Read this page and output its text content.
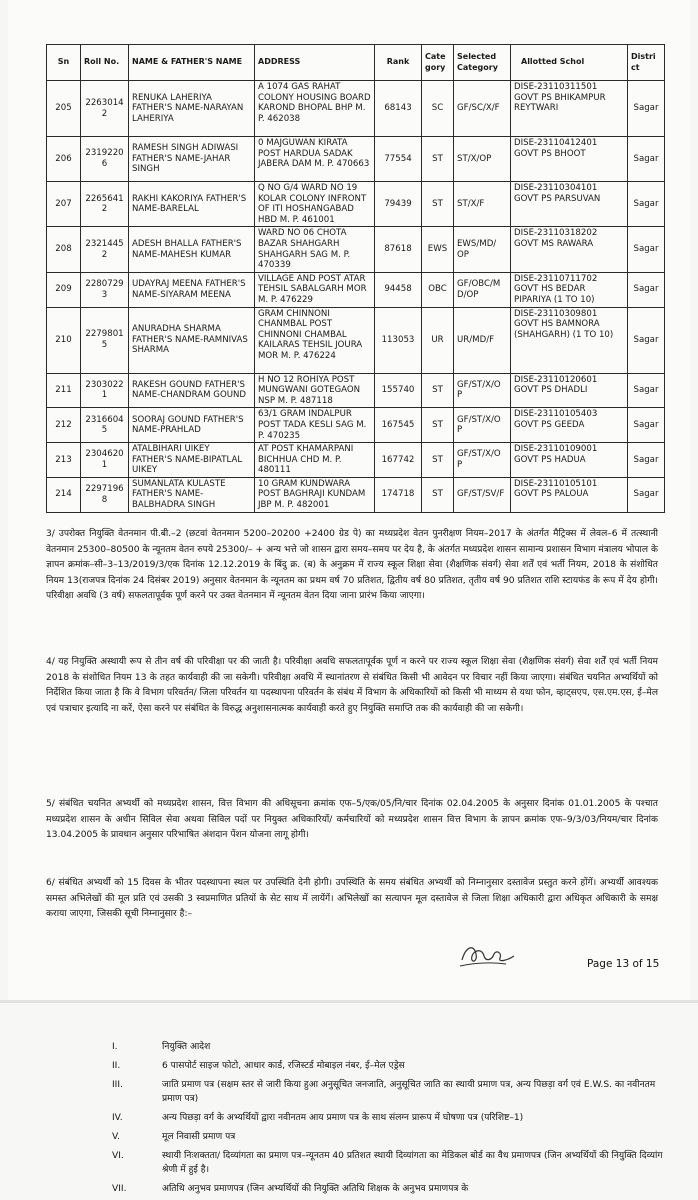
Sn	Roll No.	NAME & FATHER'S NAME	ADDRESS	Rank	Cate gory	Selected Category	Allotted Schol	Distri ct
205	22630142	RENUKA LAHERIYA FATHER'S NAME-NARAYAN LAHERIYA	A 1074 GAS RAHAT COLONY HOUSING BOARD KAROND BHOPAL BHP M. P. 462038	68143	SC	GF/SC/X/F	DISE-23110311501 GOVT PS BHIKAMPUR REYTWARI	Sagar
206	23192206	RAMESH SINGH ADIWASI FATHER'S NAME-JAHAR SINGH	0 MAJGUWAN KIRATA POST HARDUA SADAK JABERA DAM M. P. 470663	77554	ST	ST/X/OP	DISE-23110412401 GOVT PS BHOOT	Sagar
207	22656412	RAKHI KAKORIYA FATHER'S NAME-BARELAL	Q NO G/4 WARD NO 19 KOLAR COLONY INFRONT OF ITI HOSHANGABAD HBD M. P. 461001	79439	ST	ST/X/F	DISE-23110304101 GOVT PS PARSUVAN	Sagar
208	23214452	ADESH BHALLA FATHER'S NAME-MAHESH KUMAR	WARD NO 06 CHOTA BAZAR SHAHGARH SHAHGARH SAG M. P. 470339	87618	EWS	EWS/MD/ OP	DISE-23110318202 GOVT MS RAWARA	Sagar
209	22807293	UDAYRAJ MEENA FATHER'S NAME-SIYARAM MEENA	VILLAGE AND POST ATAR TEHSIL SABALGARH MOR M. P. 476229	94458	OBC	GF/OBC/M D/OP	DISE-23110711702 GOVT HS BEDAR PIPARIYA (1 TO 10)	Sagar
210	22798015	ANURADHA SHARMA FATHER'S NAME-RAMNIVAS SHARMA	GRAM CHINNONI CHANMBAL POST CHINNONI CHAMBAL KAILARAS TEHSIL JOURA MOR M. P. 476224	113053	UR	UR/MD/F	DISE-23110309801 GOVT HS BAMNORA (SHAHGARH) (1 TO 10)	Sagar
211	23030221	RAKESH GOUND FATHER'S NAME-CHANDRAM GOUND	H NO 12 ROHIYA POST MUNGWANI GOTEGAON NSP M. P. 487118	155740	ST	GF/ST/X/O P	DISE-23110120601 GOVT PS DHADLI	Sagar
212	23166045	SOORAJ GOUND FATHER'S NAME-PRAHLAD	63/1 GRAM INDALPUR POST TADA KESLI SAG M. P. 470235	167545	ST	GF/ST/X/O P	DISE-23110105403 GOVT PS GEEDA	Sagar
213	23046201	ATALBIHARI UIKEY FATHER'S NAME-BIPATLAL UIKEY	AT POST KHAMARPANI BICHHUA CHD M. P. 480111	167742	ST	GF/ST/X/O P	DISE-23110109001 GOVT PS HADUA	Sagar
214	22971968	SUMANLATA KULASTE FATHER'S NAME-BALBHADRA SINGH	10 GRAM KUNDWARA POST BAGHRAJI KUNDAM JBP M. P. 482001	174718	ST	GF/ST/SV/F	DISE-23110105101 GOVT PS PALOUA	Sagar
3/ उपरोक्त नियुक्ति वेतनमान पी.बी.–2 (छटवां वेतनमान 5200–20200 +2400 ग्रेड पे) का मध्यप्रदेश वेतन पुनरीक्षण नियम–2017 के अंतर्गत मैट्रिक्स में लेवल–6 में तत्स्थानी वेतनमान 25300–80500 के न्यूनतम वेतन रुपये 25300/– + अन्य भत्ते जो शासन द्वारा समय–समय पर देय है, के अंतर्गत मध्यप्रदेश शासन सामान्य प्रशासन विभाग मंत्रालय भोपाल के ज्ञापन क्रमांक–सी–3–13/2019/3/एक दिनांक 12.12.2019 के बिंदु क्र. (ब) के अनुक्रम में राज्य स्कूल शिक्षा सेवा (शैक्षणिक संवर्ग) सेवा शर्तें एवं भर्ती नियम, 2018 के संशोधित नियम 13(राजपत्र दिनांक 24 दिसंबर 2019) अनुसार वेतनमान के न्यूनतम का प्रथम वर्ष 70 प्रतिशत, द्वितीय वर्ष 80 प्रतिशत, तृतीय वर्ष 90 प्रतिशत राशि स्टायफंड के रूप में देय होगी। परिवीक्षा अवधि (3 वर्ष) सफलतापूर्वक पूर्ण करने पर उक्त वेतनमान में न्यूनतम वेतन दिया जाना प्रारंभ किया जाएगा।
4/ यह नियुक्ति अस्थायी रूप से तीन वर्ष की परिवीक्षा पर की जाती है। परिवीक्षा अवधि सफलतापूर्वक पूर्ण न करने पर राज्य स्कूल शिक्षा सेवा (शैक्षणिक संवर्ग) सेवा शर्तें एवं भर्ती नियम 2018 के संशोधित नियम 13 के तहत कार्यवाही की जा सकेगी। परिवीक्षा अवधि में स्थानांतरण से संबंधित किसी भी आवेदन पर विचार नहीं किया जाएगा। संबंधित चयनित अभ्यर्थियों को निर्देशित किया जाता है कि वे विभाग परिवर्तन/ जिला परिवर्तन या पदस्थापना परिवर्तन के संबंध में विभाग के अधिकारियों को किसी भी माध्यम से यथा फोन, व्हाट्सएप, एस.एम.एस, ई–मेल एवं पत्राचार इत्यादि ना करें, ऐसा करने पर संबंधित के विरुद्ध अनुशासनात्मक कार्यवाही करते हुए नियुक्ति समाप्ति तक की कार्यवाही की जा सकेगी।
5/ संबंधित चयनित अभ्यर्थी को मध्यप्रदेश शासन, वित्त विभाग की अधिसूचना क्रमांक एफ–5/एक/05/नि/चार दिनांक 02.04.2005 के अनुसार दिनांक 01.01.2005 के पश्चात मध्यप्रदेश शासन के अधीन सिविल सेवा अथवा सिविल पदों पर नियुक्त अधिकारियों/ कर्मचारियों को मध्यप्रदेश शासन वित्त विभाग के ज्ञापन क्रमांक एफ–9/3/03/नियम/चार दिनांक 13.04.2005 के प्रावधान अनुसार परिभाषित अंशदान पेंशन योजना लागू होगी।
6/ संबंधित अभ्यर्थी को 15 दिवस के भीतर पदस्थापना स्थल पर उपस्थिति देनी होगी। उपस्थिति के समय संबंधित अभ्यर्थी को निम्नानुसार दस्तावेज प्रस्तुत करने होंगें। अभ्यर्थी आवश्यक समस्त अभिलेखों की मूल प्रति एवं उसकी 3 स्वप्रमाणित प्रतियों के सेट साथ में लायेंगें। अभिलेखों का सत्यापन मूल दस्तावेज से जिला शिक्षा अधिकारी द्वारा अधिकृत अधिकारी के समक्ष कराया जाएगा, जिसकी सूची निम्नानुसार है:–
Page 13 of 15
I.	नियुक्ति आदेश
II.	6 पासपोर्ट साइज फोटो, आधार कार्ड, रजिस्टर्ड मोबाइल नंबर, ई–मेल एड्रेस
III.	जाति प्रमाण पत्र (सक्षम स्तर से जारी किया हुआ अनुसूचित जनजाति, अनुसूचित जाति का स्थायी प्रमाण पत्र, अन्य पिछड़ा वर्ग एवं E.W.S. का नवीनतम प्रमाण पत्र)
IV.	अन्य पिछड़ा वर्ग के अभ्यर्थियों द्वारा नवीनतम आय प्रमाण पत्र के साथ संलग्न प्रारूप में घोषणा पत्र (परिशिष्ट–1)
V.	मूल निवासी प्रमाण पत्र
VI.	स्थायी निःशक्तता/ दिव्यांगता का प्रमाण पत्र–न्यूनतम 40 प्रतिशत स्थायी दिव्यांगता का मेडिकल बोर्ड का वैध प्रमाणपत्र (जिन अभ्यर्थियों की नियुक्ति दिव्यांग श्रेणी में हुई है।
VII.	अतिथि अनुभव प्रमाणपत्र (जिन अभ्यर्थियों की नियुक्ति अतिथि शिक्षक के अनुभव प्रमाणपत्र के
